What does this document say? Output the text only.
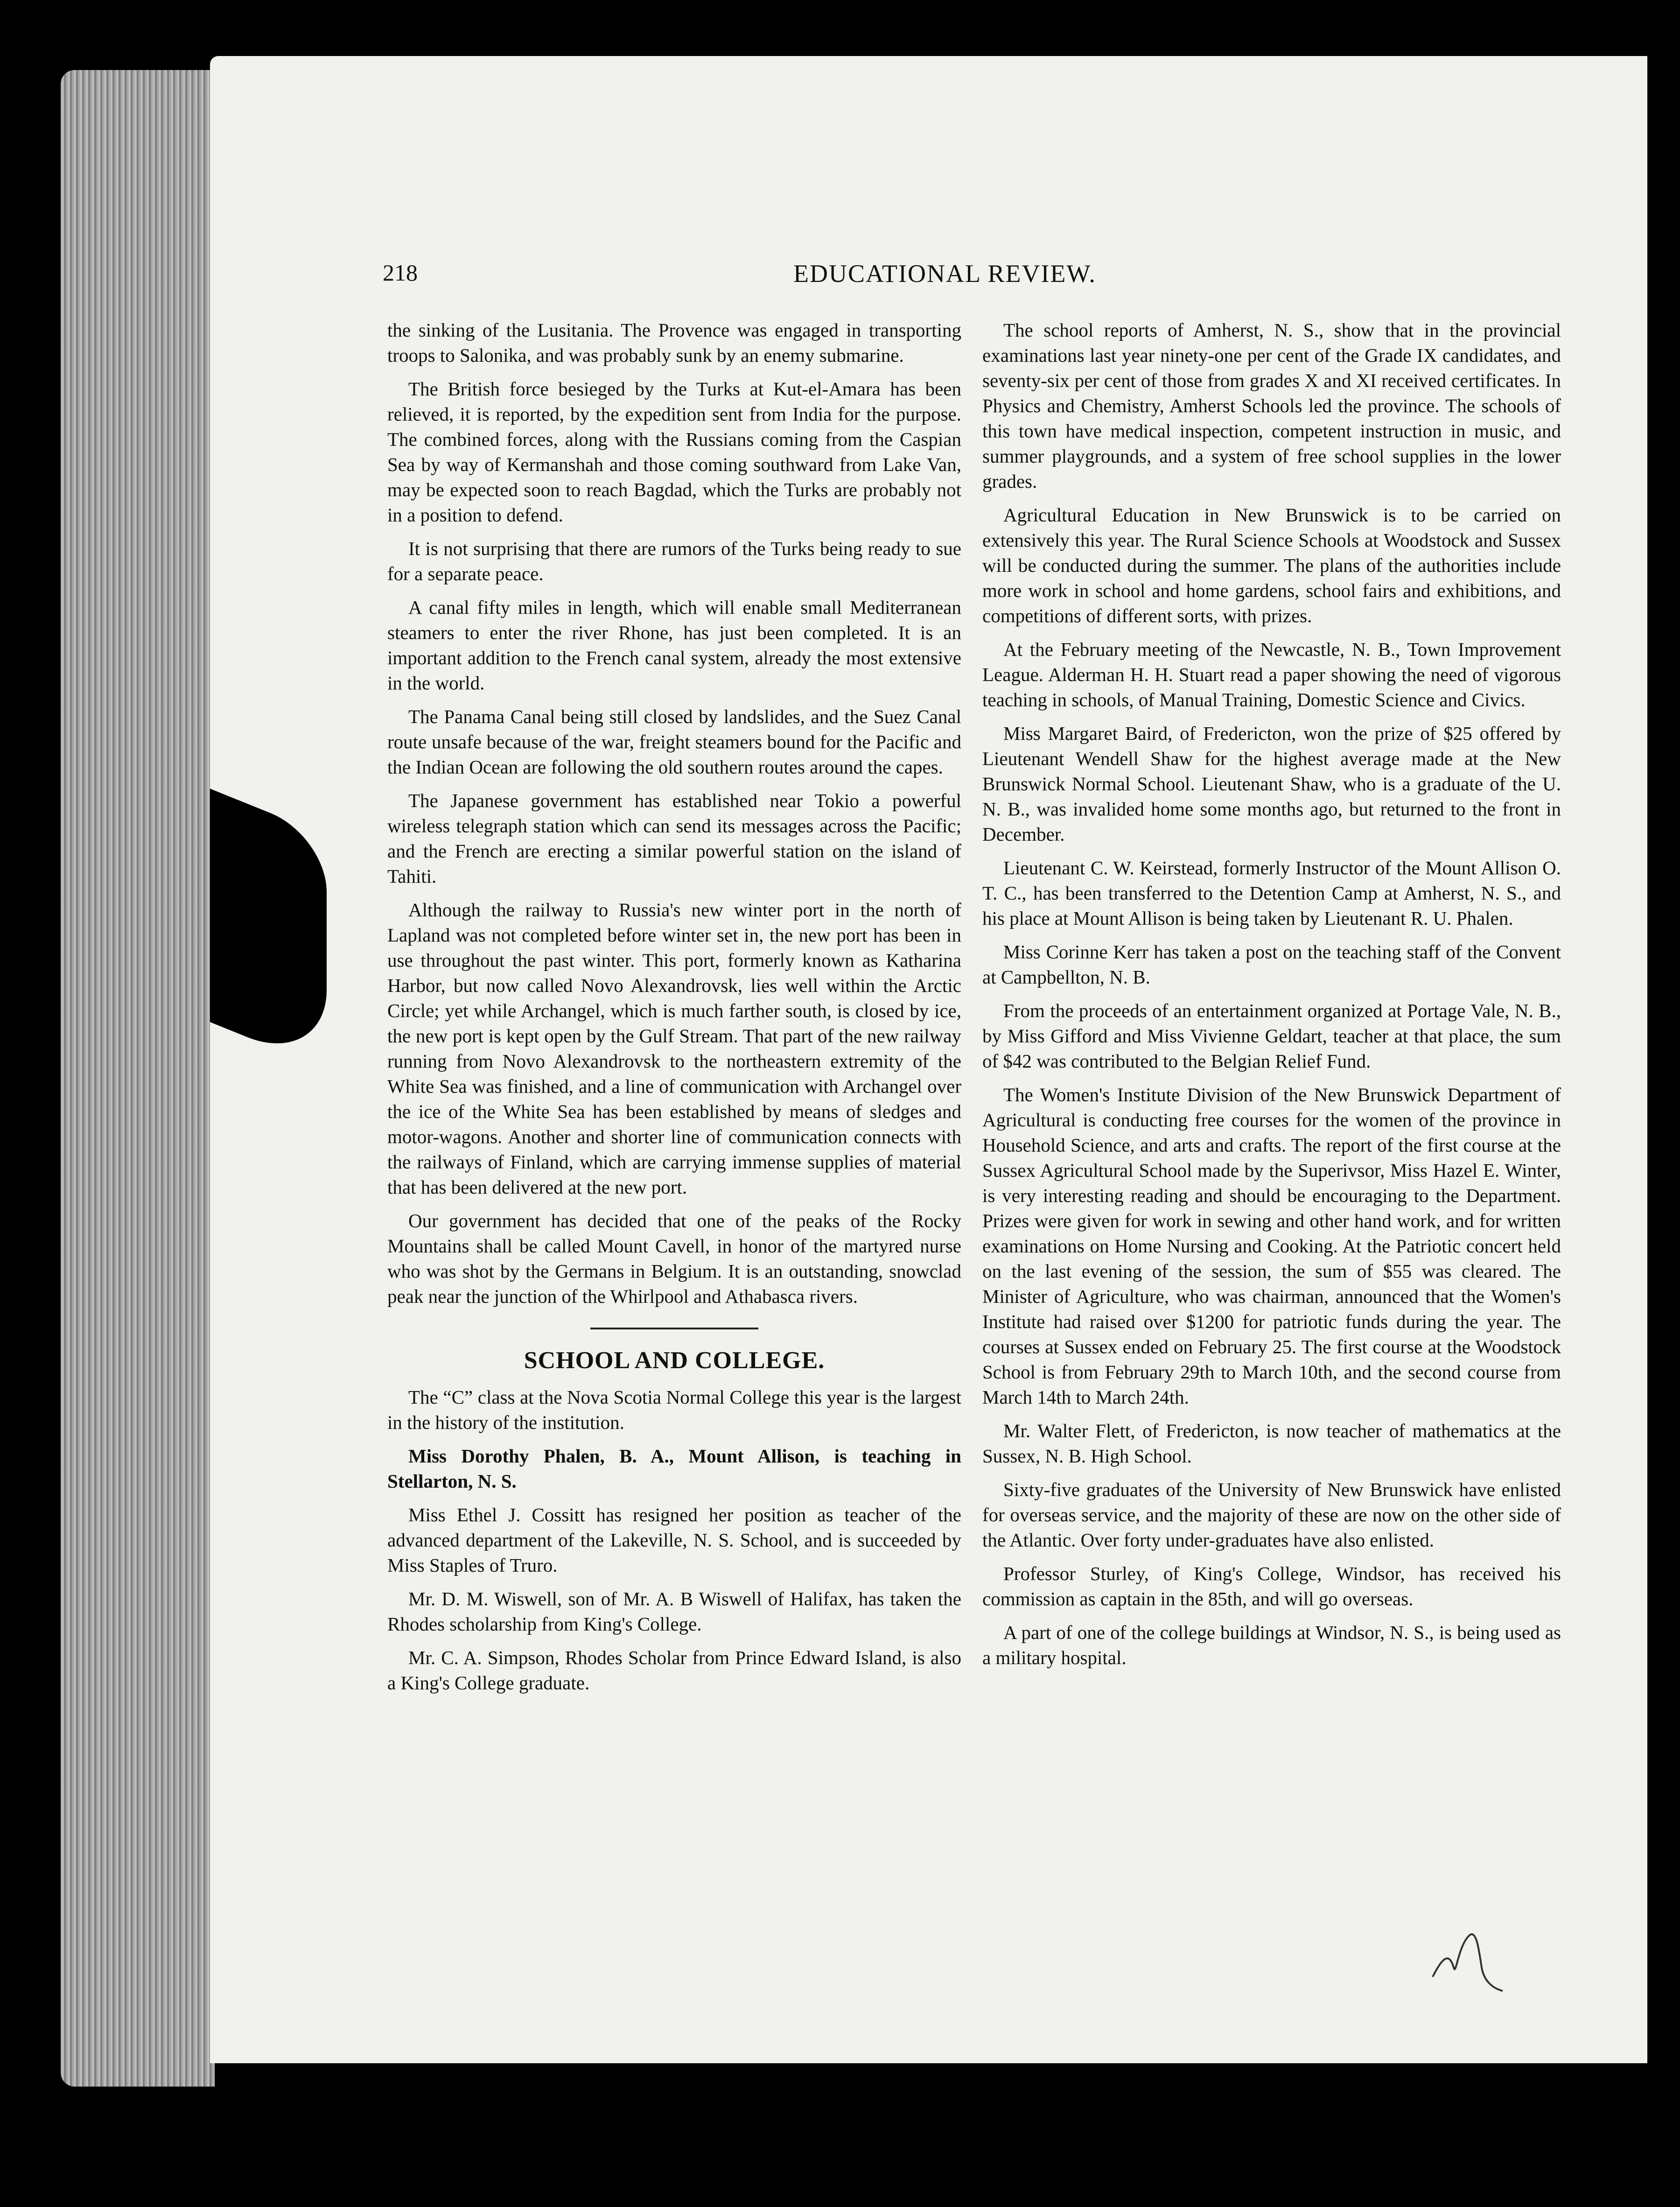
218	EDUCATIONAL REVIEW.

the sinking of the Lusitania. The Provence was engaged in transporting troops to Salonika, and was probably sunk by an enemy submarine.

The British force besieged by the Turks at Kut-el-Amara has been relieved, it is reported, by the expedition sent from India for the purpose. The combined forces, along with the Russians coming from the Caspian Sea by way of Kermanshah and those coming southward from Lake Van, may be expected soon to reach Bagdad, which the Turks are probably not in a position to defend.

It is not surprising that there are rumors of the Turks being ready to sue for a separate peace.

A canal fifty miles in length, which will enable small Mediterranean steamers to enter the river Rhone, has just been completed. It is an important addition to the French canal system, already the most extensive in the world.

The Panama Canal being still closed by landslides, and the Suez Canal route unsafe because of the war, freight steamers bound for the Pacific and the Indian Ocean are following the old southern routes around the capes.

The Japanese government has established near Tokio a powerful wireless telegraph station which can send its messages across the Pacific; and the French are erecting a similar powerful station on the island of Tahiti.

Although the railway to Russia's new winter port in the north of Lapland was not completed before winter set in, the new port has been in use throughout the past winter. This port, formerly known as Katharina Harbor, but now called Novo Alexandrovsk, lies well within the Arctic Circle; yet while Archangel, which is much farther south, is closed by ice, the new port is kept open by the Gulf Stream. That part of the new railway running from Novo Alexandrovsk to the northeastern extremity of the White Sea was finished, and a line of communication with Archangel over the ice of the White Sea has been established by means of sledges and motor-wagons. Another and shorter line of communication connects with the railways of Finland, which are carrying immense supplies of material that has been delivered at the new port.

Our government has decided that one of the peaks of the Rocky Mountains shall be called Mount Cavell, in honor of the martyred nurse who was shot by the Germans in Belgium. It is an outstanding, snowclad peak near the junction of the Whirlpool and Athabasca rivers.

SCHOOL AND COLLEGE.

The “C” class at the Nova Scotia Normal College this year is the largest in the history of the institution.

Miss Dorothy Phalen, B. A., Mount Allison, is teaching in Stellarton, N. S.

Miss Ethel J. Cossitt has resigned her position as teacher of the advanced department of the Lakeville, N. S. School, and is succeeded by Miss Staples of Truro.

Mr. D. M. Wiswell, son of Mr. A. B Wiswell of Halifax, has taken the Rhodes scholarship from King's College.

Mr. C. A. Simpson, Rhodes Scholar from Prince Edward Island, is also a King's College graduate.

The school reports of Amherst, N. S., show that in the provincial examinations last year ninety-one per cent of the Grade IX candidates, and seventy-six per cent of those from grades X and XI received certificates. In Physics and Chemistry, Amherst Schools led the province. The schools of this town have medical inspection, competent instruction in music, and summer playgrounds, and a system of free school supplies in the lower grades.

Agricultural Education in New Brunswick is to be carried on extensively this year. The Rural Science Schools at Woodstock and Sussex will be conducted during the summer. The plans of the authorities include more work in school and home gardens, school fairs and exhibitions, and competitions of different sorts, with prizes.

At the February meeting of the Newcastle, N. B., Town Improvement League. Alderman H. H. Stuart read a paper showing the need of vigorous teaching in schools, of Manual Training, Domestic Science and Civics.

Miss Margaret Baird, of Fredericton, won the prize of $25 offered by Lieutenant Wendell Shaw for the highest average made at the New Brunswick Normal School. Lieutenant Shaw, who is a graduate of the U. N. B., was invalided home some months ago, but returned to the front in December.

Lieutenant C. W. Keirstead, formerly Instructor of the Mount Allison O. T. C., has been transferred to the Detention Camp at Amherst, N. S., and his place at Mount Allison is being taken by Lieutenant R. U. Phalen.

Miss Corinne Kerr has taken a post on the teaching staff of the Convent at Campbellton, N. B.

From the proceeds of an entertainment organized at Portage Vale, N. B., by Miss Gifford and Miss Vivienne Geldart, teacher at that place, the sum of $42 was contributed to the Belgian Relief Fund.

The Women's Institute Division of the New Brunswick Department of Agricultural is conducting free courses for the women of the province in Household Science, and arts and crafts. The report of the first course at the Sussex Agricultural School made by the Superivsor, Miss Hazel E. Winter, is very interesting reading and should be encouraging to the Department. Prizes were given for work in sewing and other hand work, and for written examinations on Home Nursing and Cooking. At the Patriotic concert held on the last evening of the session, the sum of $55 was cleared. The Minister of Agriculture, who was chairman, announced that the Women's Institute had raised over $1200 for patriotic funds during the year. The courses at Sussex ended on February 25. The first course at the Woodstock School is from February 29th to March 10th, and the second course from March 14th to March 24th.

Mr. Walter Flett, of Fredericton, is now teacher of mathematics at the Sussex, N. B. High School.

Sixty-five graduates of the University of New Brunswick have enlisted for overseas service, and the majority of these are now on the other side of the Atlantic. Over forty under-graduates have also enlisted.

Professor Sturley, of King's College, Windsor, has received his commission as captain in the 85th, and will go overseas.

A part of one of the college buildings at Windsor, N. S., is being used as a military hospital.
